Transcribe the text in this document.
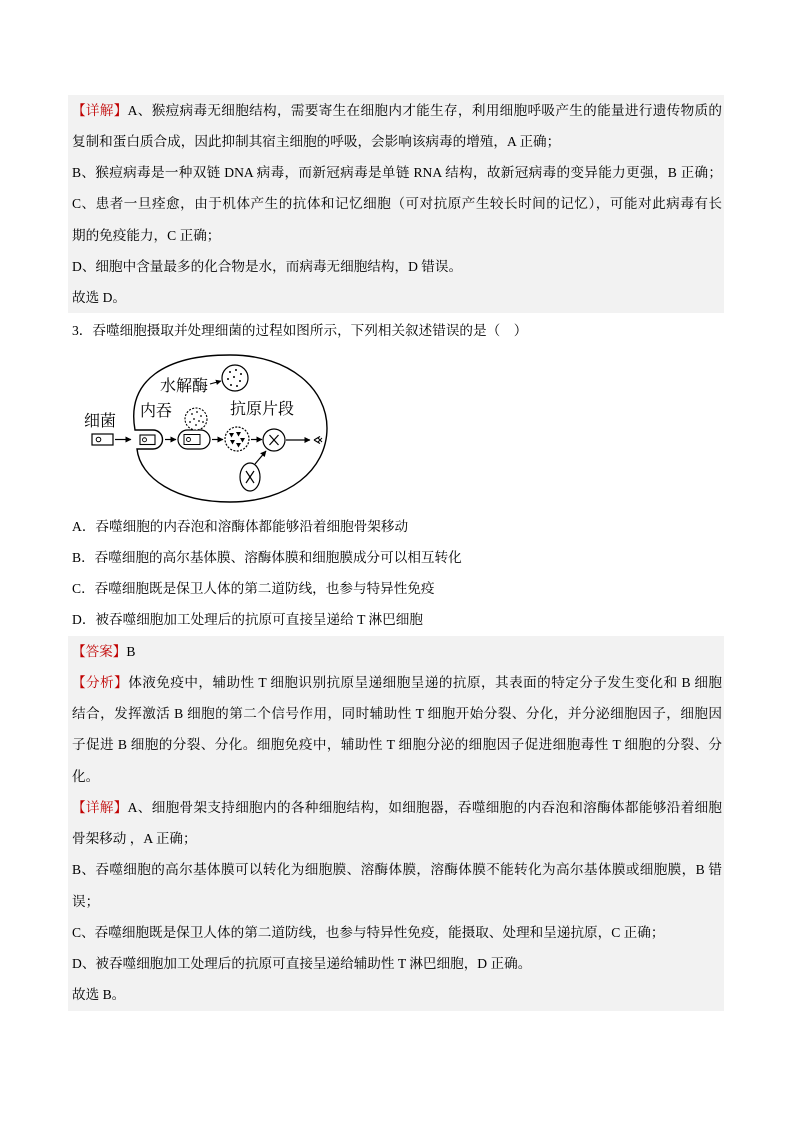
【详解】A、猴痘病毒无细胞结构，需要寄生在细胞内才能生存，利用细胞呼吸产生的能量进行遗传物质的
复制和蛋白质合成，因此抑制其宿主细胞的呼吸，会影响该病毒的增殖，A 正确；
B、猴痘病毒是一种双链 DNA 病毒，而新冠病毒是单链 RNA 结构，故新冠病毒的变异能力更强，B 正确；
C、患者一旦痊愈，由于机体产生的抗体和记忆细胞（可对抗原产生较长时间的记忆），可能对此病毒有长
期的免疫能力，C 正确；
D、细胞中含量最多的化合物是水，而病毒无细胞结构，D 错误。
故选 D。
3．吞噬细胞摄取并处理细菌的过程如图所示，下列相关叙述错误的是（　）
细菌
内吞
水解酶
抗原片段
A．吞噬细胞的内吞泡和溶酶体都能够沿着细胞骨架移动
B．吞噬细胞的高尔基体膜、溶酶体膜和细胞膜成分可以相互转化
C．吞噬细胞既是保卫人体的第二道防线，也参与特异性免疫
D．被吞噬细胞加工处理后的抗原可直接呈递给 T 淋巴细胞
【答案】B
【分析】体液免疫中，辅助性 T 细胞识别抗原呈递细胞呈递的抗原，其表面的特定分子发生变化和 B 细胞
结合，发挥激活 B 细胞的第二个信号作用，同时辅助性 T 细胞开始分裂、分化，并分泌细胞因子，细胞因
子促进 B 细胞的分裂、分化。细胞免疫中，辅助性 T 细胞分泌的细胞因子促进细胞毒性 T 细胞的分裂、分
化。
【详解】A、细胞骨架支持细胞内的各种细胞结构，如细胞器，吞噬细胞的内吞泡和溶酶体都能够沿着细胞
骨架移动 ，A 正确；
B、吞噬细胞的高尔基体膜可以转化为细胞膜、溶酶体膜，溶酶体膜不能转化为高尔基体膜或细胞膜，B 错
误；
C、吞噬细胞既是保卫人体的第二道防线，也参与特异性免疫，能摄取、处理和呈递抗原，C 正确；
D、被吞噬细胞加工处理后的抗原可直接呈递给辅助性 T 淋巴细胞，D 正确。
故选 B。
